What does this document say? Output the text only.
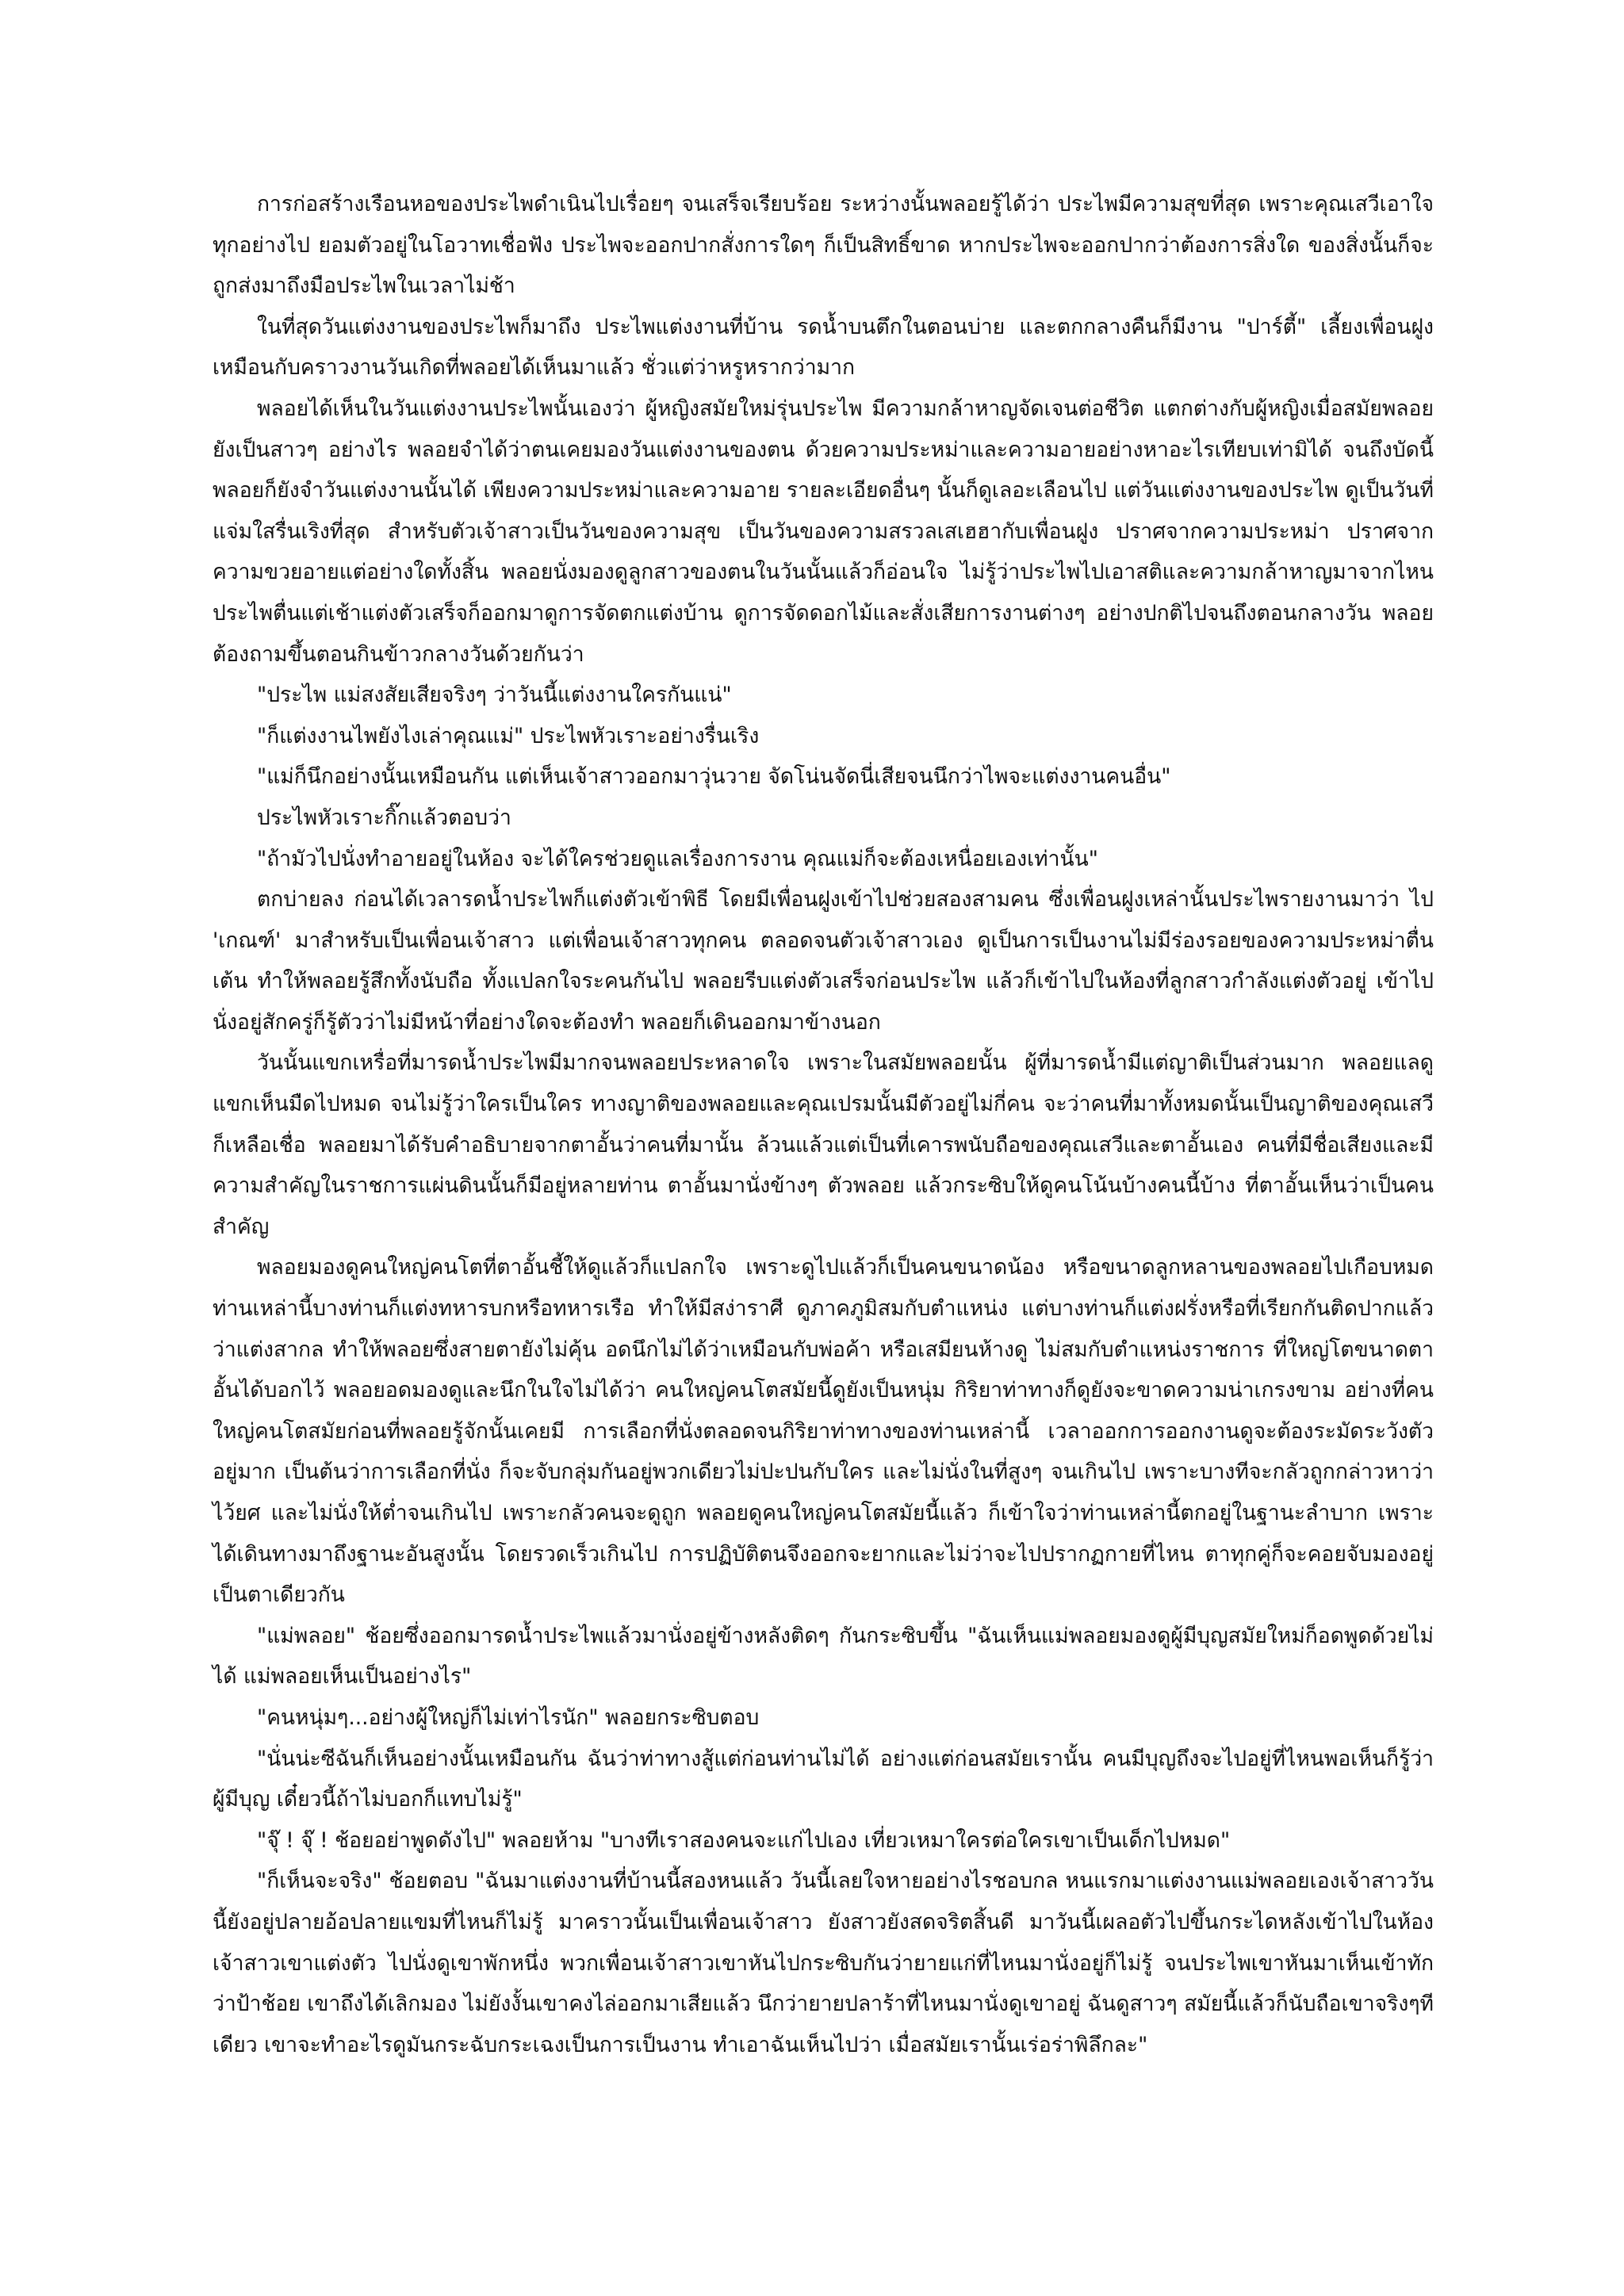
การก่อสร้างเรือนหอของประไพดำเนินไปเรื่อยๆ จนเสร็จเรียบร้อย ระหว่างนั้นพลอยรู้ได้ว่า ประไพมีความสุขที่สุด เพราะคุณเสวีเอาใจทุกอย่างไป ยอมตัวอยู่ในโอวาทเชื่อฟัง ประไพจะออกปากสั่งการใดๆ ก็เป็นสิทธิ์ขาด หากประไพจะออกปากว่าต้องการสิ่งใด ของสิ่งนั้นก็จะถูกส่งมาถึงมือประไพในเวลาไม่ช้า

ในที่สุดวันแต่งงานของประไพก็มาถึง ประไพแต่งงานที่บ้าน รดน้ำบนตึกในตอนบ่าย และตกกลางคืนก็มีงาน "ปาร์ตี้" เลี้ยงเพื่อนฝูงเหมือนกับคราวงานวันเกิดที่พลอยได้เห็นมาแล้ว ชั่วแต่ว่าหรูหรากว่ามาก

พลอยได้เห็นในวันแต่งงานประไพนั้นเองว่า ผู้หญิงสมัยใหม่รุ่นประไพ มีความกล้าหาญจัดเจนต่อชีวิต แตกต่างกับผู้หญิงเมื่อสมัยพลอยยังเป็นสาวๆ อย่างไร พลอยจำได้ว่าตนเคยมองวันแต่งงานของตน ด้วยความประหม่าและความอายอย่างหาอะไรเทียบเท่ามิได้ จนถึงบัดนี้พลอยก็ยังจำวันแต่งงานนั้นได้ เพียงความประหม่าและความอาย รายละเอียดอื่นๆ นั้นก็ดูเลอะเลือนไป แต่วันแต่งงานของประไพ ดูเป็นวันที่แจ่มใสรื่นเริงที่สุด สำหรับตัวเจ้าสาวเป็นวันของความสุข เป็นวันของความสรวลเสเฮฮากับเพื่อนฝูง ปราศจากความประหม่า ปราศจากความขวยอายแต่อย่างใดทั้งสิ้น พลอยนั่งมองดูลูกสาวของตนในวันนั้นแล้วก็อ่อนใจ ไม่รู้ว่าประไพไปเอาสติและความกล้าหาญมาจากไหน ประไพตื่นแต่เช้าแต่งตัวเสร็จก็ออกมาดูการจัดตกแต่งบ้าน ดูการจัดดอกไม้และสั่งเสียการงานต่างๆ อย่างปกติไปจนถึงตอนกลางวัน พลอยต้องถามขึ้นตอนกินข้าวกลางวันด้วยกันว่า

"ประไพ แม่สงสัยเสียจริงๆ ว่าวันนี้แต่งงานใครกันแน่"

"ก็แต่งงานไพยังไงเล่าคุณแม่" ประไพหัวเราะอย่างรื่นเริง

"แม่ก็นึกอย่างนั้นเหมือนกัน แต่เห็นเจ้าสาวออกมาวุ่นวาย จัดโน่นจัดนี่เสียจนนึกว่าไพจะแต่งงานคนอื่น"

ประไพหัวเราะกิ๊กแล้วตอบว่า

"ถ้ามัวไปนั่งทำอายอยู่ในห้อง จะได้ใครช่วยดูแลเรื่องการงาน คุณแม่ก็จะต้องเหนื่อยเองเท่านั้น"

ตกบ่ายลง ก่อนได้เวลารดน้ำประไพก็แต่งตัวเข้าพิธี โดยมีเพื่อนฝูงเข้าไปช่วยสองสามคน ซึ่งเพื่อนฝูงเหล่านั้นประไพรายงานมาว่า ไป 'เกณฑ์' มาสำหรับเป็นเพื่อนเจ้าสาว แต่เพื่อนเจ้าสาวทุกคน ตลอดจนตัวเจ้าสาวเอง ดูเป็นการเป็นงานไม่มีร่องรอยของความประหม่าตื่นเต้น ทำให้พลอยรู้สึกทั้งนับถือ ทั้งแปลกใจระคนกันไป พลอยรีบแต่งตัวเสร็จก่อนประไพ แล้วก็เข้าไปในห้องที่ลูกสาวกำลังแต่งตัวอยู่ เข้าไปนั่งอยู่สักครู่ก็รู้ตัวว่าไม่มีหน้าที่อย่างใดจะต้องทำ พลอยก็เดินออกมาข้างนอก

วันนั้นแขกเหรื่อที่มารดน้ำประไพมีมากจนพลอยประหลาดใจ เพราะในสมัยพลอยนั้น ผู้ที่มารดน้ำมีแต่ญาติเป็นส่วนมาก พลอยแลดูแขกเห็นมืดไปหมด จนไม่รู้ว่าใครเป็นใคร ทางญาติของพลอยและคุณเปรมนั้นมีตัวอยู่ไม่กี่คน จะว่าคนที่มาทั้งหมดนั้นเป็นญาติของคุณเสวีก็เหลือเชื่อ พลอยมาได้รับคำอธิบายจากตาอั้นว่าคนที่มานั้น ล้วนแล้วแต่เป็นที่เคารพนับถือของคุณเสวีและตาอั้นเอง คนที่มีชื่อเสียงและมีความสำคัญในราชการแผ่นดินนั้นก็มีอยู่หลายท่าน ตาอั้นมานั่งข้างๆ ตัวพลอย แล้วกระซิบให้ดูคนโน้นบ้างคนนี้บ้าง ที่ตาอั้นเห็นว่าเป็นคนสำคัญ

พลอยมองดูคนใหญ่คนโตที่ตาอั้นชี้ให้ดูแล้วก็แปลกใจ เพราะดูไปแล้วก็เป็นคนขนาดน้อง หรือขนาดลูกหลานของพลอยไปเกือบหมด ท่านเหล่านี้บางท่านก็แต่งทหารบกหรือทหารเรือ ทำให้มีสง่าราศี ดูภาคภูมิสมกับตำแหน่ง แต่บางท่านก็แต่งฝรั่งหรือที่เรียกกันติดปากแล้วว่าแต่งสากล ทำให้พลอยซึ่งสายตายังไม่คุ้น อดนึกไม่ได้ว่าเหมือนกับพ่อค้า หรือเสมียนห้างดู ไม่สมกับตำแหน่งราชการ ที่ใหญ่โตขนาดตาอั้นได้บอกไว้ พลอยอดมองดูและนึกในใจไม่ได้ว่า คนใหญ่คนโตสมัยนี้ดูยังเป็นหนุ่ม กิริยาท่าทางก็ดูยังจะขาดความน่าเกรงขาม อย่างที่คนใหญ่คนโตสมัยก่อนที่พลอยรู้จักนั้นเคยมี การเลือกที่นั่งตลอดจนกิริยาท่าทางของท่านเหล่านี้ เวลาออกการออกงานดูจะต้องระมัดระวังตัวอยู่มาก เป็นต้นว่าการเลือกที่นั่ง ก็จะจับกลุ่มกันอยู่พวกเดียวไม่ปะปนกับใคร และไม่นั่งในที่สูงๆ จนเกินไป เพราะบางทีจะกลัวถูกกล่าวหาว่าไว้ยศ และไม่นั่งให้ต่ำจนเกินไป เพราะกลัวคนจะดูถูก พลอยดูคนใหญ่คนโตสมัยนี้แล้ว ก็เข้าใจว่าท่านเหล่านี้ตกอยู่ในฐานะลำบาก เพราะได้เดินทางมาถึงฐานะอันสูงนั้น โดยรวดเร็วเกินไป การปฏิบัติตนจึงออกจะยากและไม่ว่าจะไปปรากฏกายที่ไหน ตาทุกคู่ก็จะคอยจับมองอยู่เป็นตาเดียวกัน

"แม่พลอย" ช้อยซึ่งออกมารดน้ำประไพแล้วมานั่งอยู่ข้างหลังติดๆ กันกระซิบขึ้น "ฉันเห็นแม่พลอยมองดูผู้มีบุญสมัยใหม่ก็อดพูดด้วยไม่ได้ แม่พลอยเห็นเป็นอย่างไร"

"คนหนุ่มๆ...อย่างผู้ใหญ่ก็ไม่เท่าไรนัก" พลอยกระซิบตอบ

"นั่นน่ะซีฉันก็เห็นอย่างนั้นเหมือนกัน ฉันว่าท่าทางสู้แต่ก่อนท่านไม่ได้ อย่างแต่ก่อนสมัยเรานั้น คนมีบุญถึงจะไปอยู่ที่ไหนพอเห็นก็รู้ว่าผู้มีบุญ เดี๋ยวนี้ถ้าไม่บอกก็แทบไม่รู้"

"จุ๊ ! จุ๊ ! ช้อยอย่าพูดดังไป" พลอยห้าม "บางทีเราสองคนจะแก่ไปเอง เที่ยวเหมาใครต่อใครเขาเป็นเด็กไปหมด"

"ก็เห็นจะจริง" ช้อยตอบ "ฉันมาแต่งงานที่บ้านนี้สองหนแล้ว วันนี้เลยใจหายอย่างไรชอบกล หนแรกมาแต่งงานแม่พลอยเองเจ้าสาววันนี้ยังอยู่ปลายอ้อปลายแขมที่ไหนก็ไม่รู้ มาคราวนั้นเป็นเพื่อนเจ้าสาว ยังสาวยังสดจริตสิ้นดี มาวันนี้เผลอตัวไปขึ้นกระไดหลังเข้าไปในห้องเจ้าสาวเขาแต่งตัว ไปนั่งดูเขาพักหนึ่ง พวกเพื่อนเจ้าสาวเขาหันไปกระซิบกันว่ายายแก่ที่ไหนมานั่งอยู่ก็ไม่รู้ จนประไพเขาหันมาเห็นเข้าทักว่าป้าช้อย เขาถึงได้เลิกมอง ไม่ยังงั้นเขาคงไล่ออกมาเสียแล้ว นึกว่ายายปลาร้าที่ไหนมานั่งดูเขาอยู่ ฉันดูสาวๆ สมัยนี้แล้วก็นับถือเขาจริงๆทีเดียว เขาจะทำอะไรดูมันกระฉับกระเฉงเป็นการเป็นงาน ทำเอาฉันเห็นไปว่า เมื่อสมัยเรานั้นเร่อร่าพิลึกละ"
